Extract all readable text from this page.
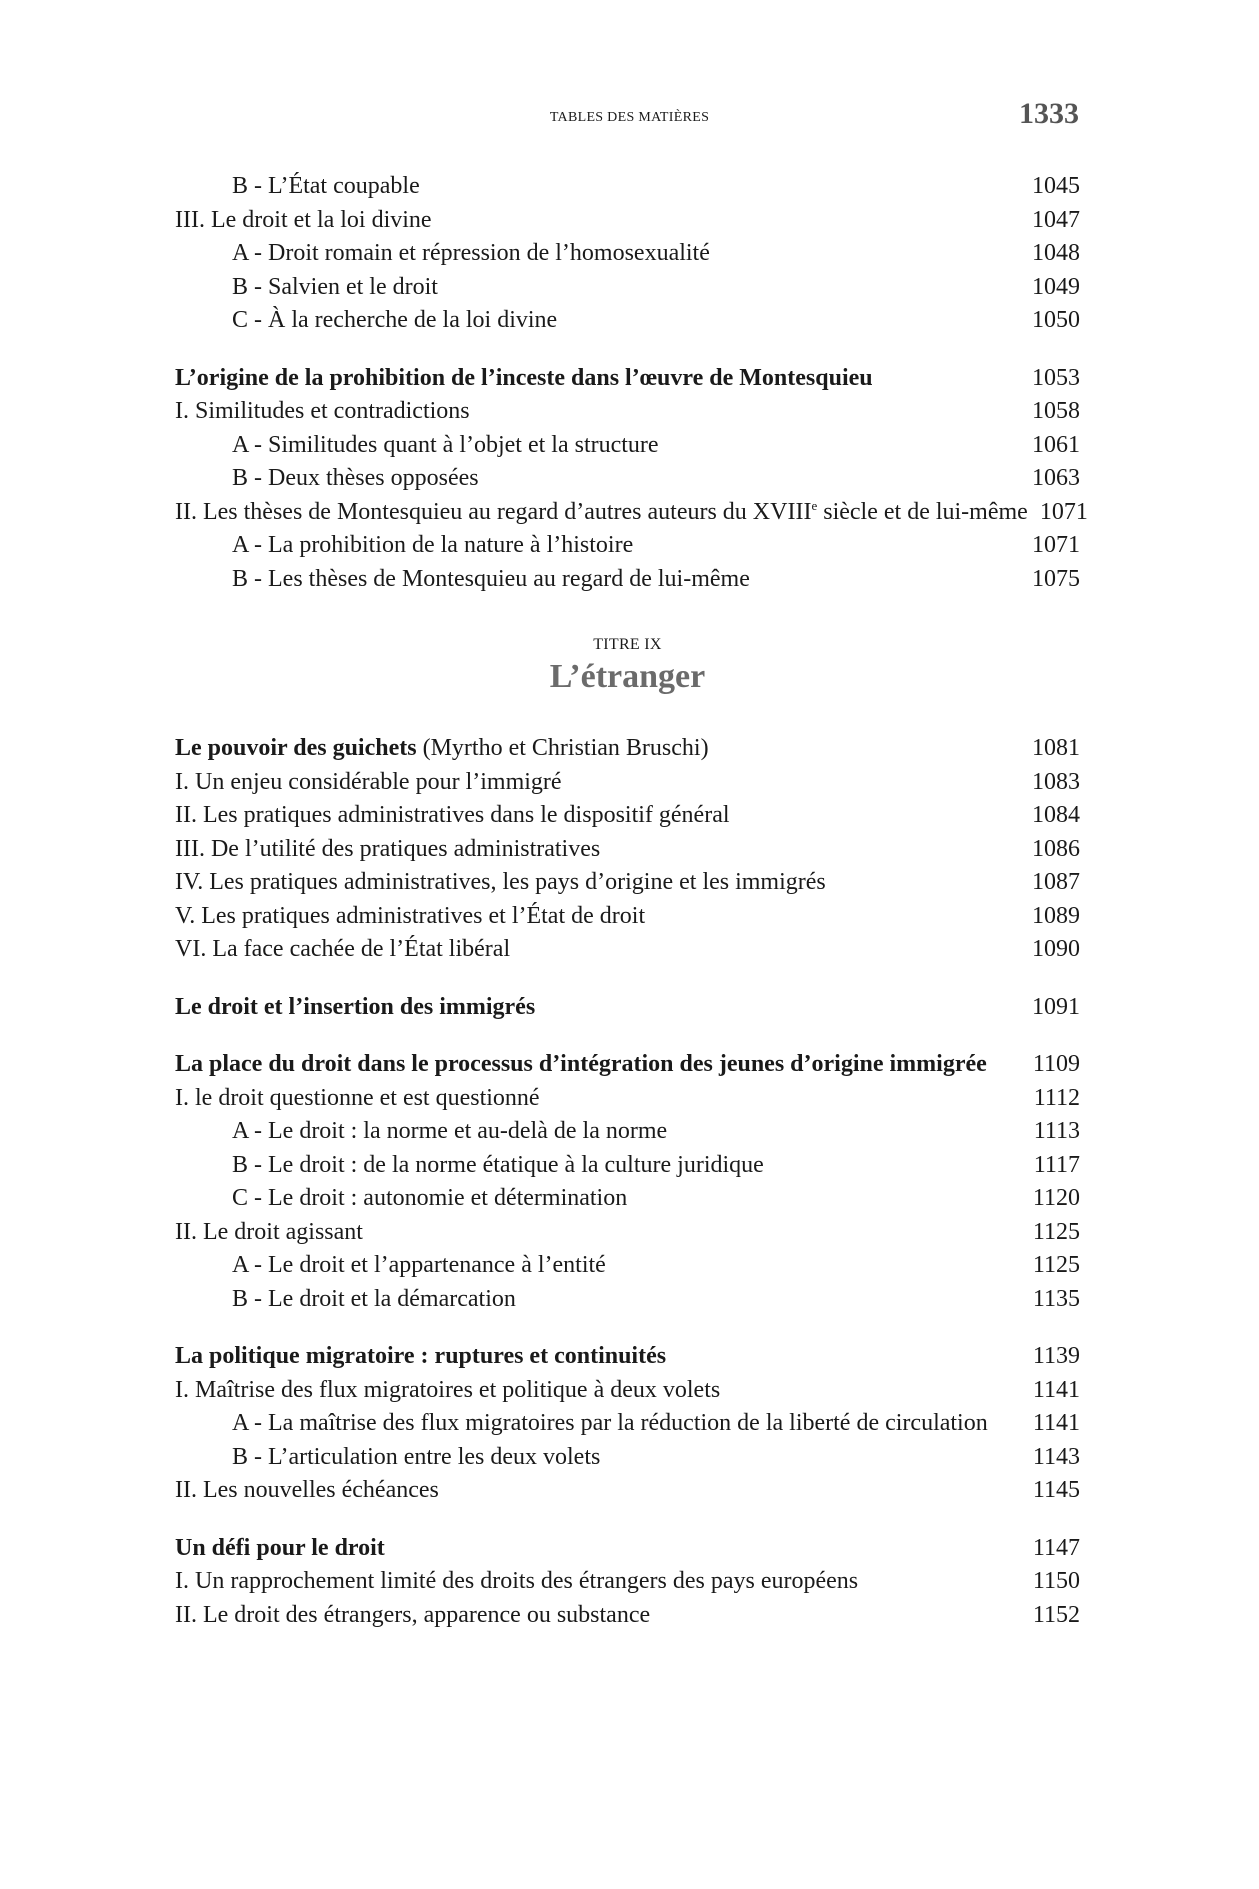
TABLES DES MATIÈRES	1333
B - L’État coupable	1045
III. Le droit et la loi divine	1047
A - Droit romain et répression de l’homosexualité	1048
B - Salvien et le droit	1049
C - À la recherche de la loi divine	1050
L’origine de la prohibition de l’inceste dans l’œuvre de Montesquieu	1053
I. Similitudes et contradictions	1058
A - Similitudes quant à l’objet et la structure	1061
B - Deux thèses opposées	1063
II. Les thèses de Montesquieu au regard d’autres auteurs du XVIIIe siècle et de lui-même 1071
A - La prohibition de la nature à l’histoire	1071
B - Les thèses de Montesquieu au regard de lui-même	1075
TITRE IX
L’étranger
Le pouvoir des guichets (Myrtho et Christian Bruschi)	1081
I. Un enjeu considérable pour l’immigré	1083
II. Les pratiques administratives dans le dispositif général	1084
III. De l’utilité des pratiques administratives	1086
IV. Les pratiques administratives, les pays d’origine et les immigrés	1087
V. Les pratiques administratives et l’État de droit	1089
VI. La face cachée de l’État libéral	1090
Le droit et l’insertion des immigrés	1091
La place du droit dans le processus d’intégration des jeunes d’origine immigrée	1109
I. le droit questionne et est questionné	1112
A - Le droit : la norme et au-delà de la norme	1113
B - Le droit : de la norme étatique à la culture juridique	1117
C - Le droit : autonomie et détermination	1120
II. Le droit agissant	1125
A - Le droit et l’appartenance à l’entité	1125
B - Le droit et la démarcation	1135
La politique migratoire : ruptures et continuités	1139
I. Maîtrise des flux migratoires et politique à deux volets	1141
A - La maîtrise des flux migratoires par la réduction de la liberté de circulation	1141
B - L’articulation entre les deux volets	1143
II. Les nouvelles échéances	1145
Un défi pour le droit	1147
I. Un rapprochement limité des droits des étrangers des pays européens	1150
II. Le droit des étrangers, apparence ou substance	1152
